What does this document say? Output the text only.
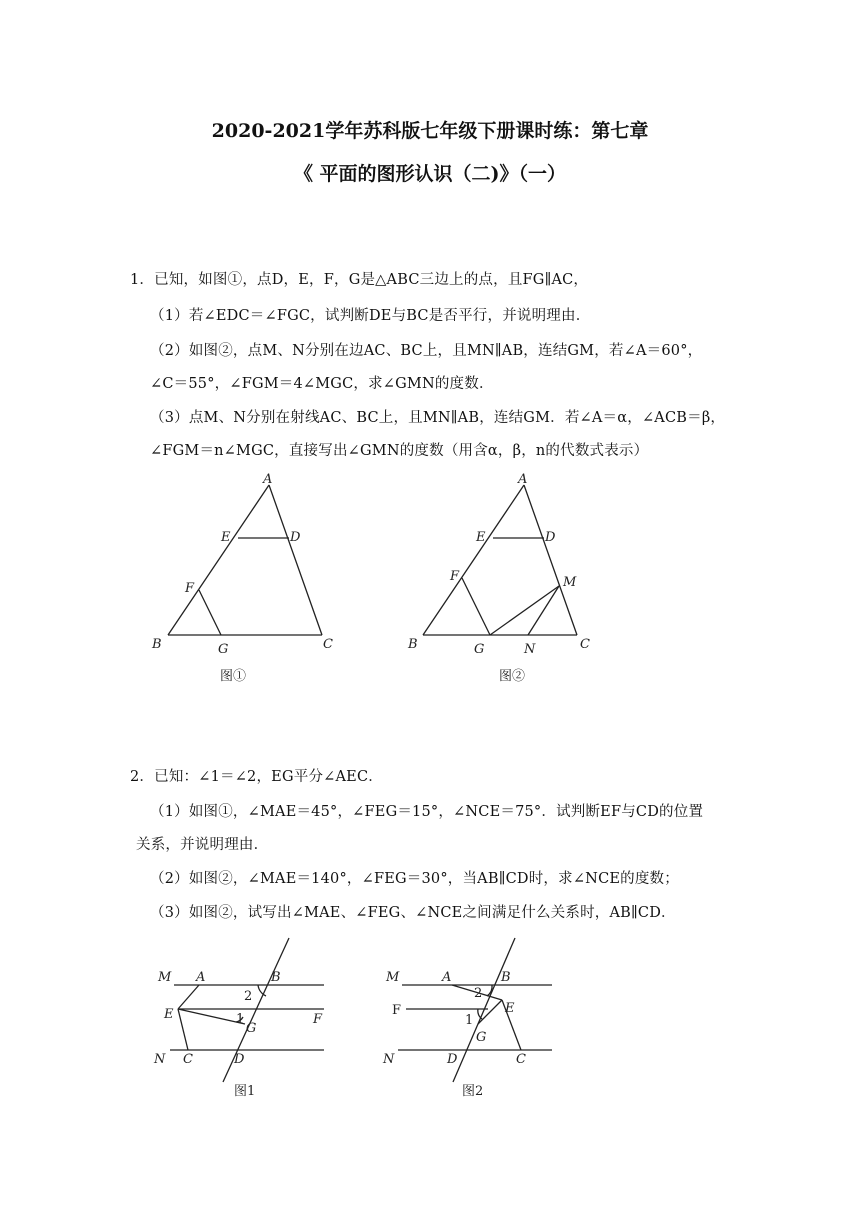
2020-2021学年苏科版七年级下册课时练：第七章
《 平面的图形认识（二)》（一）
1．已知，如图①，点D，E，F，G是△ABC三边上的点，且FG∥AC，
（1）若∠EDC＝∠FGC，试判断DE与BC是否平行，并说明理由．
（2）如图②，点M、N分别在边AC、BC上，且MN∥AB，连结GM，若∠A＝60°，
∠C＝55°，∠FGM＝4∠MGC，求∠GMN的度数．
（3）点M、N分别在射线AC、BC上，且MN∥AB，连结GM．若∠A＝α，∠ACB＝β，
∠FGM＝n∠MGC，直接写出∠GMN的度数（用含α，β，n的代数式表示）
A
E	D
F
B	G	C
图①
A
E	D
F	M
B	G	N	C
图②
2．已知：∠1＝∠2，EG平分∠AEC．
（1）如图①，∠MAE＝45°，∠FEG＝15°，∠NCE＝75°．试判断EF与CD的位置
关系，并说明理由．
（2）如图②，∠MAE＝140°，∠FEG＝30°，当AB∥CD时，求∠NCE的度数；
（3）如图②，试写出∠MAE、∠FEG、∠NCE之间满足什么关系时，AB∥CD．
M A	B
2
E	1
G
F
N C	D
图1
M	A	B
2
F	E
1
G
N	D	C
图2
